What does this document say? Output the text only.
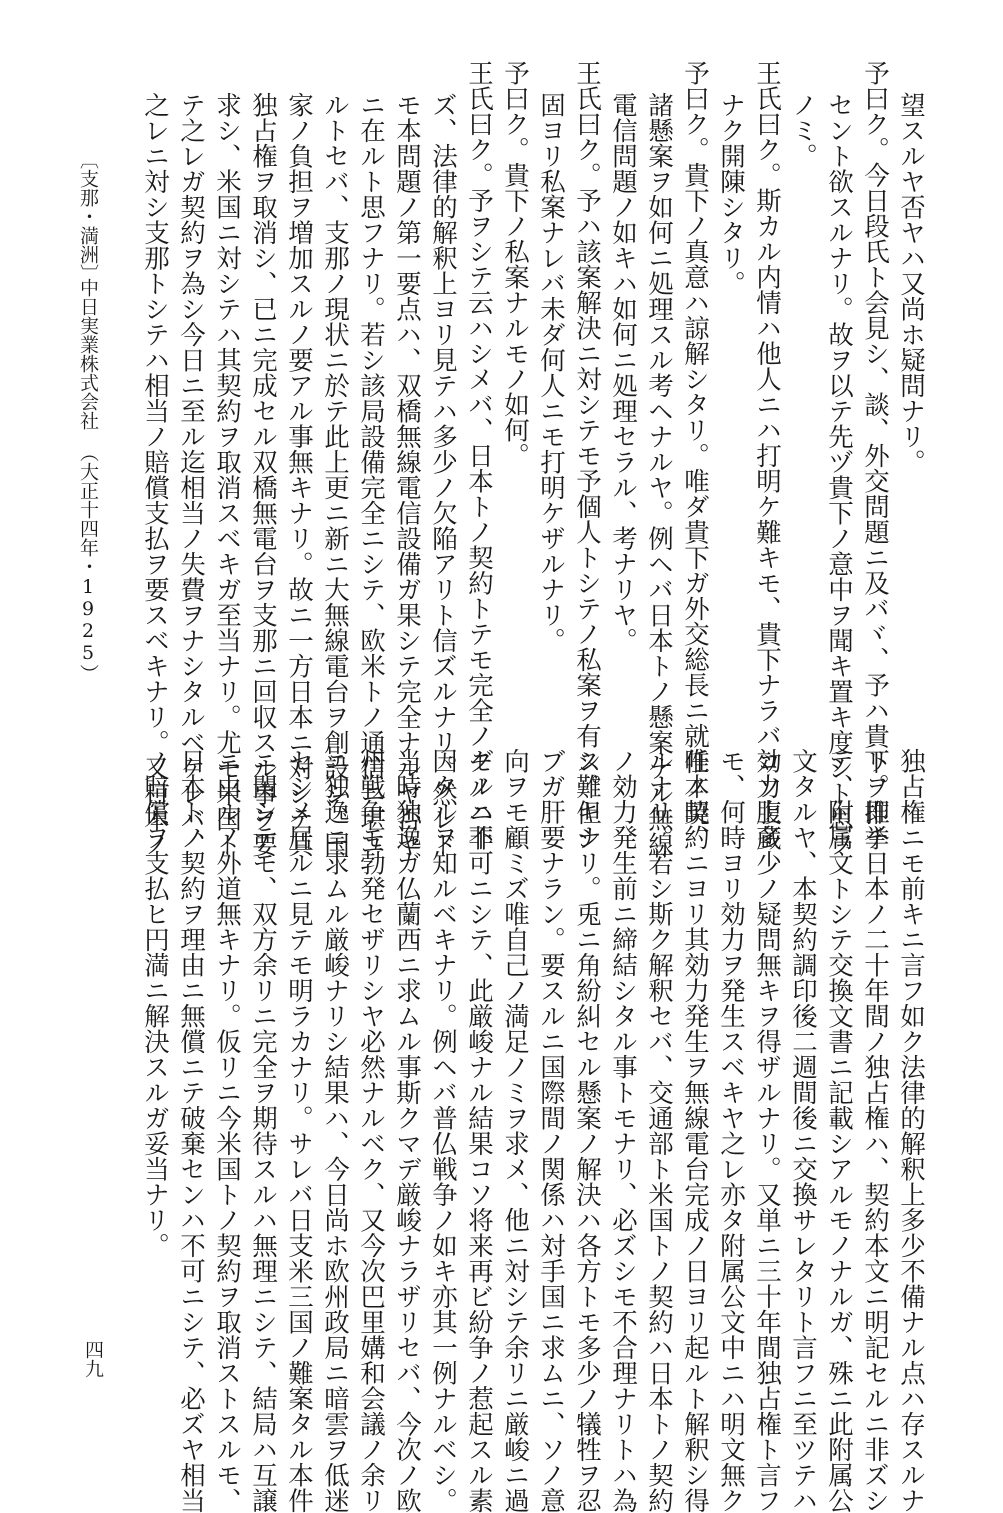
望スルヤ否ヤハ又尚ホ疑問ナリ。
予曰ク。今日段氏ト会見シ、談、外交問題ニ及バヾ、予ハ貴下ヲ推挙
セント欲スルナリ。故ヲ以テ先ヅ貴下ノ意中ヲ聞キ置キ度シト思フ
ノミ。
王氏曰ク。斯カル内情ハ他人ニハ打明ケ難キモ、貴下ナラバコソ腹蔵
ナク開陳シタリ。
予曰ク。貴下ノ真意ハ諒解シタリ。唯ダ貴下ガ外交総長ニ就任ノ暁、
諸懸案ヲ如何ニ処理スル考ヘナルヤ。例ヘバ日本トノ懸案ナル無線
電信問題ノ如キハ如何ニ処理セラル、考ナリヤ。
王氏曰ク。予ハ該案解決ニ対シテモ予個人トシテノ私案ヲ有ス。但シ
固ヨリ私案ナレバ未ダ何人ニモ打明ケザルナリ。
予曰ク。貴下ノ私案ナルモノ如何。
王氏曰ク。予ヲシテ云ハシメバ、日本トノ契約トテモ完全ノモノニ非
ズ、法律的解釈上ヨリ見テハ多少ノ欠陥アリト信ズルナリ。然レド
モ本問題ノ第一要点ハ、双橋無線電信設備ガ果シテ完全ナルヤ否ヤ
ニ在ルト思フナリ。若シ該局設備完全ニシテ、欧米トノ通信ニ堪ユ
ルトセバ、支那ノ現状ニ於テ此上更ニ新ニ大無線電台ヲ創設シ、国
家ノ負担ヲ増加スルノ要アル事無キナリ。故ニ一方日本ニ対シテ其
独占権ヲ取消シ、已ニ完成セル双橋無電台ヲ支那ニ回収スル事ヲ要
求シ、米国ニ対シテハ其契約ヲ取消スベキガ至当ナリ。尤モ米国ト
テ之レガ契約ヲ為シ今日ニ至ル迄相当ノ失費ヲナシタルベケレバ、
之レニ対シ支那トシテハ相当ノ賠償支払ヲ要スベキナリ。又日本ノ
〔支那・満洲〕
中日実業株式会社
（大正十四年・1925）
独占権ニモ前キニ言フ如ク法律的解釈上多少不備ナル点ハ存スルナ
リ。即チ日本ノ二十年間ノ独占権ハ、契約本文ニ明記セルニ非ズシ
テ、附属文トシテ交換文書ニ記載シアルモノナルガ、殊ニ此附属公
文タルヤ、本契約調印後二週間後ニ交換サレタリト言フニ至ツテハ
効力上多少ノ疑問無キヲ得ザルナリ。又単ニ三十年間独占権ト言フ
モ、何時ヨリ効力ヲ発生スベキヤ之レ亦タ附属公文中ニハ明文無ク
唯本契約ニヨリ其効力発生ヲ無線電台完成ノ日ヨリ起ルト解釈シ得
ルナリ。若シ斯ク解釈セバ、交通部ト米国トノ契約ハ日本トノ契約
ノ効力発生前ニ締結シタル事トモナリ、必ズシモ不合理ナリトハ為
シ難キナリ。兎ニ角紛糾セル懸案ノ解決ハ各方トモ多少ノ犠牲ヲ忍
ブガ肝要ナラン。要スルニ国際間ノ関係ハ対手国ニ求ムニ、ソノ意
向ヲモ顧ミズ唯自己ノ満足ノミヲ求メ、他ニ対シテ余リニ厳峻ニ過
グルハ不可ニシテ、此厳峻ナル結果コソ将来再ビ紛争ノ惹起スル素
因タルヲ知ルベキナリ。例ヘバ普仏戦争ノ如キ亦其一例ナルベシ。
当時独逸ガ仏蘭西ニ求ムル事斯クマデ厳峻ナラザリセバ、今次ノ欧
州戦争モ勃発セザリシヤ必然ナルベク、又今次巴里媾和会議ノ余リ
ニ独逸ニ求ムル厳峻ナリシ結果ハ、今日尚ホ欧州政局ニ暗雲ヲ低迷
セシメ居ルニ見テモ明ラカナリ。サレバ日支米三国ノ難案タル本件
ニ関シテモ、双方余リニ完全ヲ期待スルハ無理ニシテ、結局ハ互譲
ニ由ルノ外道無キナリ。仮リニ今米国トノ契約ヲ取消ストスルモ、
日本トノ契約ヲ理由ニ無償ニテ破棄センハ不可ニシテ、必ズヤ相当
ノ賠償ヲ支払ヒ円満ニ解決スルガ妥当ナリ。
四九
